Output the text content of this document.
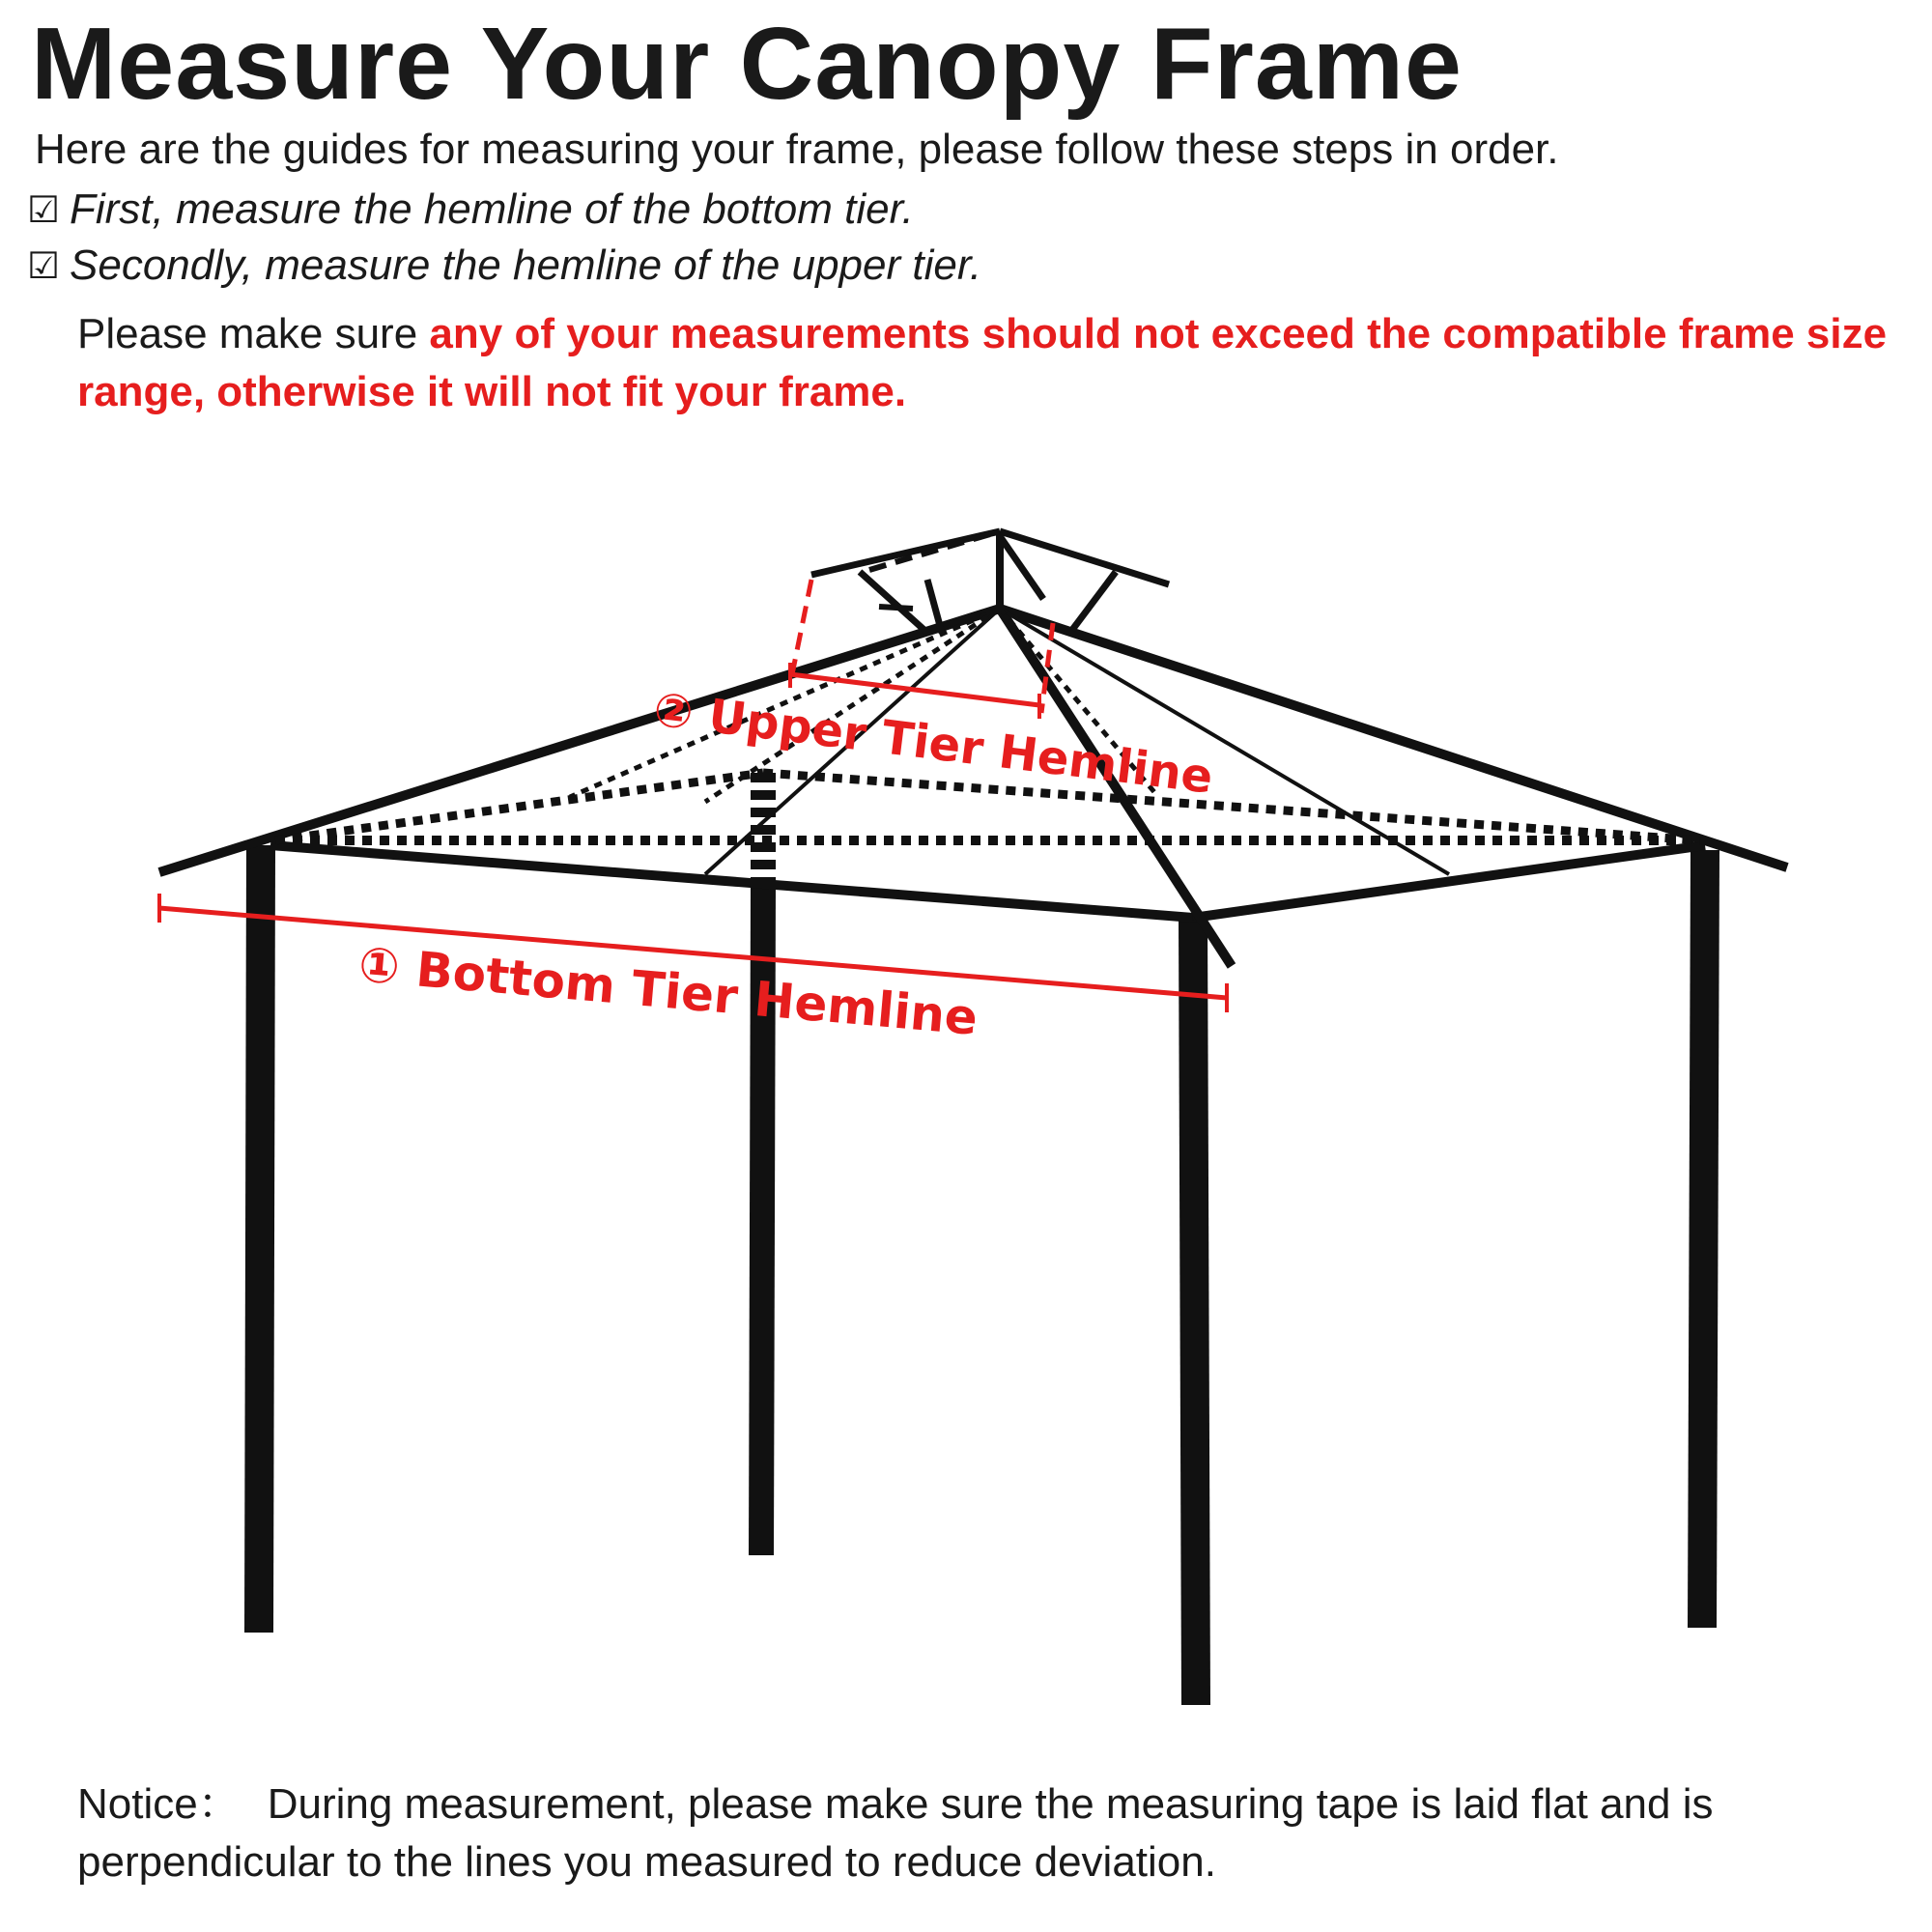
Measure Your Canopy Frame
Here are the guides for measuring your frame, please follow these steps in order.
☑ First, measure the hemline of the bottom tier.
☑ Secondly, measure the hemline of the upper tier.
Please make sure any of your measurements should not exceed the compatible frame size range, otherwise it will not fit your frame.
② Upper Tier Hemline
① Bottom Tier Hemline
Notice： During measurement, please make sure the measuring tape is laid flat and is perpendicular to the lines you measured to reduce deviation.
